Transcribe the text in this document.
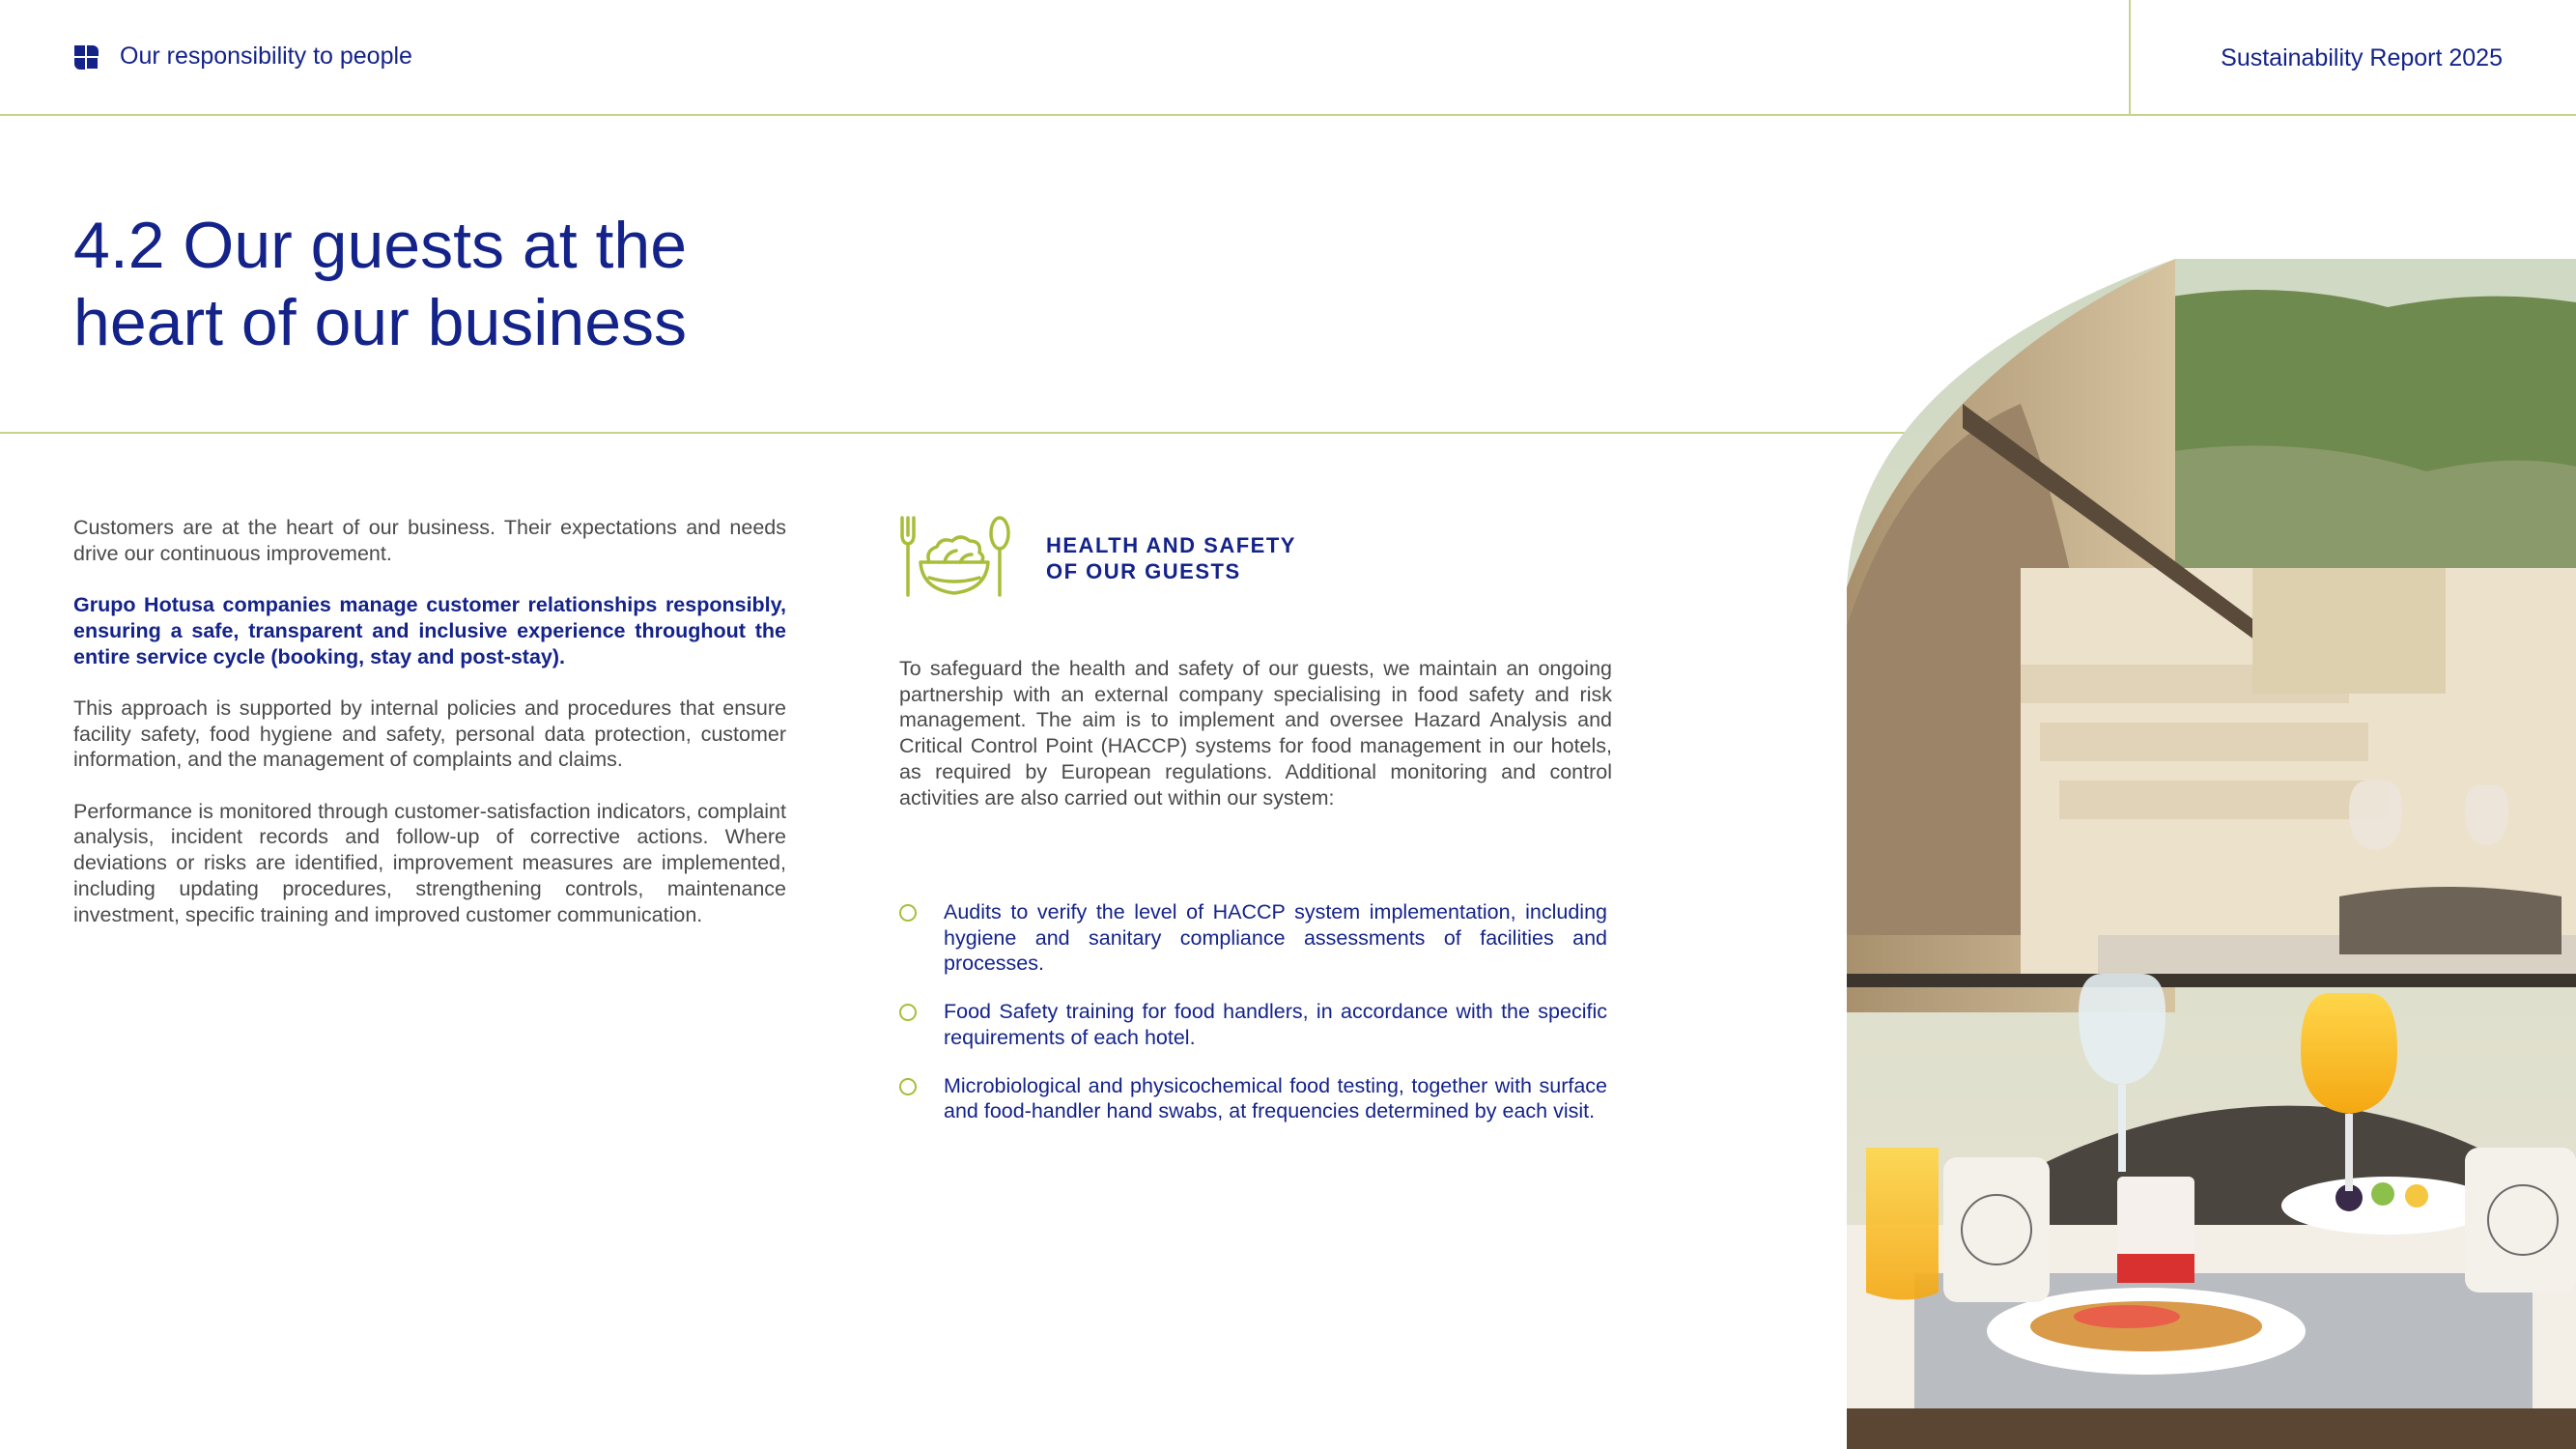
Our responsibility to people	Sustainability Report 2025
4.2 Our guests at the
heart of our business

Customers are at the heart of our business. Their expectations and needs drive our continuous improvement.

Grupo Hotusa companies manage customer relationships responsibly, ensuring a safe, transparent and inclusive experience throughout the entire service cycle (booking, stay and post-stay).

This approach is supported by internal policies and procedures that ensure facility safety, food hygiene and safety, personal data protection, customer information, and the management of complaints and claims.

Performance is monitored through customer-satisfaction indicators, complaint analysis, incident records and follow-up of corrective actions. Where deviations or risks are identified, improvement measures are implemented, including updating procedures, strengthening controls, maintenance investment, specific training and improved customer communication.

HEALTH AND SAFETY
OF OUR GUESTS

To safeguard the health and safety of our guests, we maintain an ongoing partnership with an external company specialising in food safety and risk management. The aim is to implement and oversee Hazard Analysis and Critical Control Point (HACCP) systems for food management in our hotels, as required by European regulations. Additional monitoring and control activities are also carried out within our system:

Audits to verify the level of HACCP system implementation, including hygiene and sanitary compliance assessments of facilities and processes.
Food Safety training for food handlers, in accordance with the specific requirements of each hotel.
Microbiological and physicochemical food testing, together with surface and food-handler hand swabs, at frequencies determined by each visit.
